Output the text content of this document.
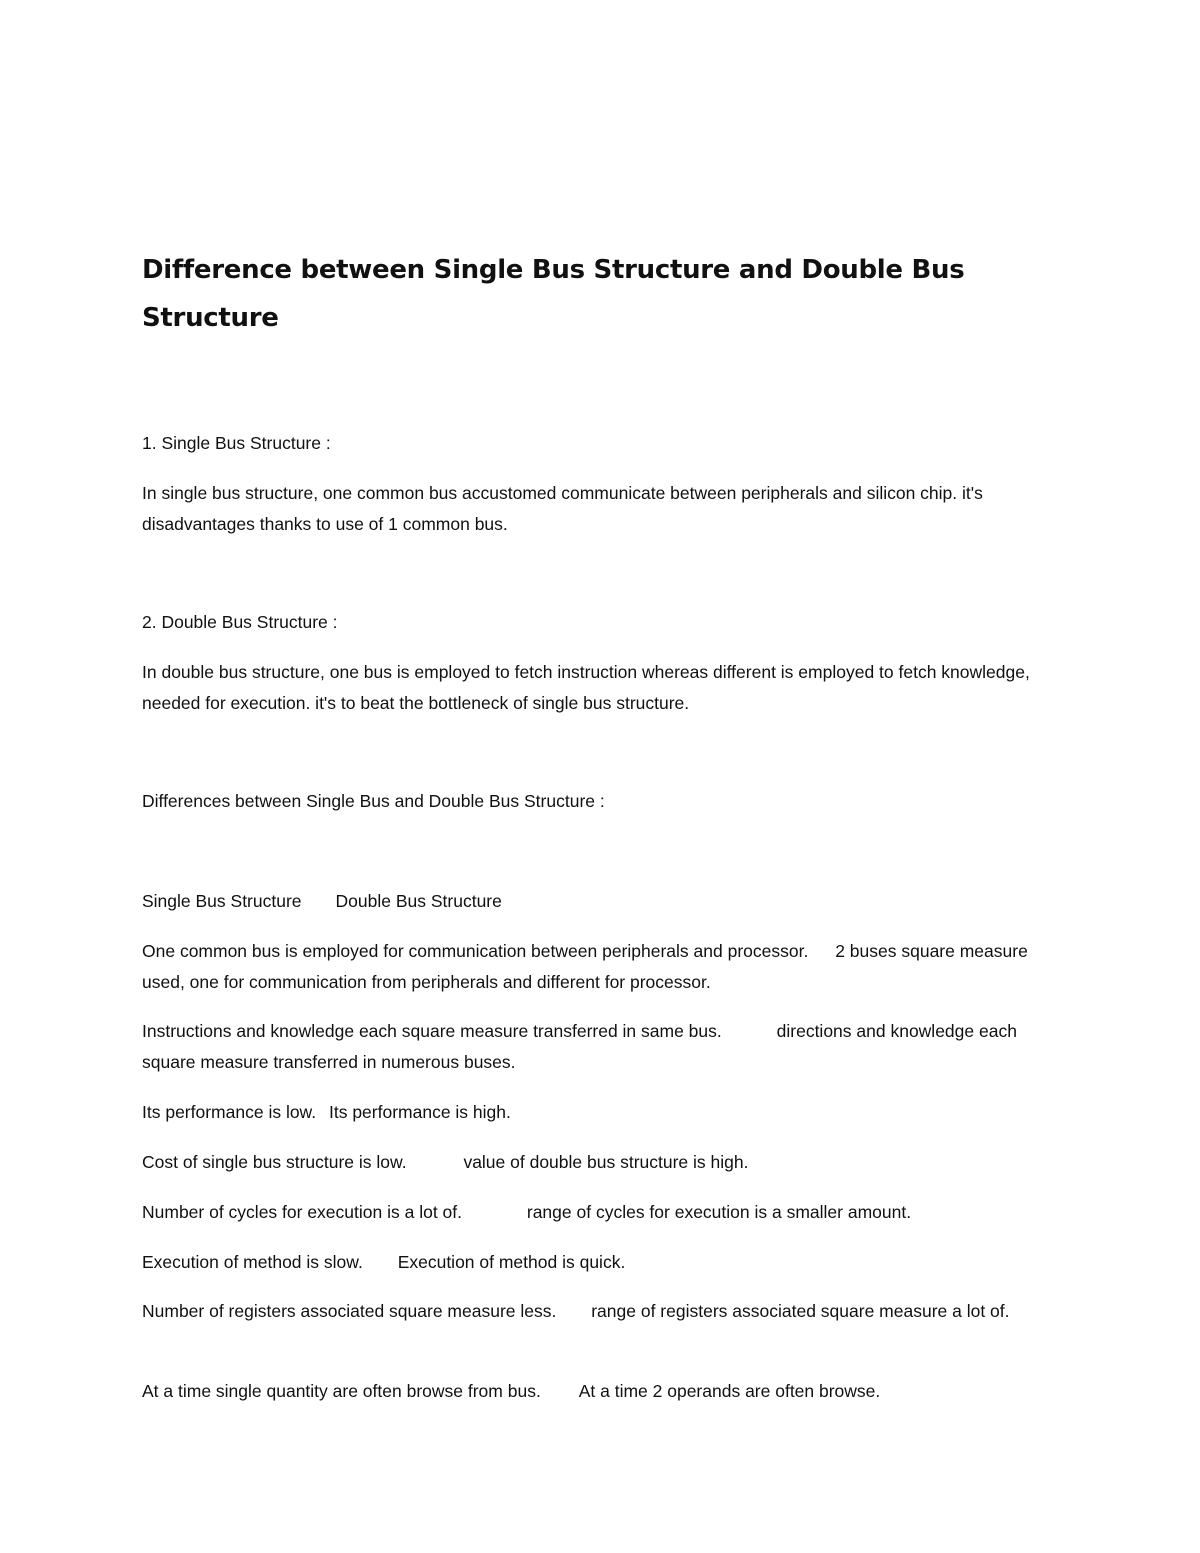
Difference between Single Bus Structure and Double Bus Structure

1. Single Bus Structure :

In single bus structure, one common bus accustomed communicate between peripherals and silicon chip. it's disadvantages thanks to use of 1 common bus.

2. Double Bus Structure :

In double bus structure, one bus is employed to fetch instruction whereas different is employed to fetch knowledge, needed for execution. it's to beat the bottleneck of single bus structure.

Differences between Single Bus and Double Bus Structure :

Single Bus Structure Double Bus Structure

One common bus is employed for communication between peripherals and processor. 2 buses square measure used, one for communication from peripherals and different for processor.

Instructions and knowledge each square measure transferred in same bus.	directions and knowledge each square measure transferred in numerous buses.

Its performance is low. Its performance is high.

Cost of single bus structure is low.	value of double bus structure is high.

Number of cycles for execution is a lot of.	range of cycles for execution is a smaller amount.

Execution of method is slow. Execution of method is quick.

Number of registers associated square measure less. range of registers associated square measure a lot of.

At a time single quantity are often browse from bus. At a time 2 operands are often browse.
